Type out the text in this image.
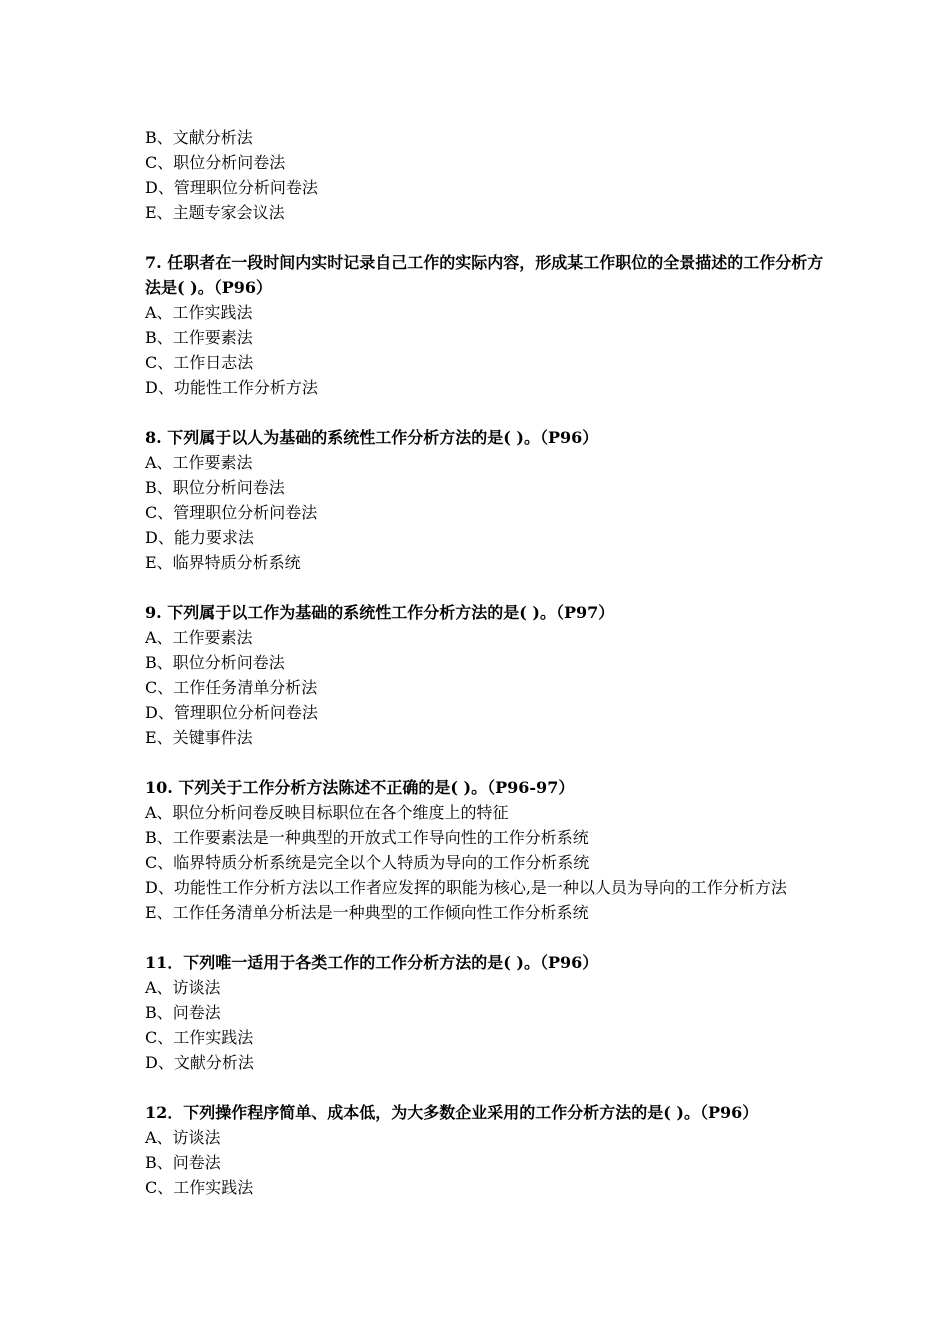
B、文献分析法
C、职位分析问卷法
D、管理职位分析问卷法
E、主题专家会议法
7. 任职者在一段时间内实时记录自己工作的实际内容，形成某工作职位的全景描述的工作分析方法是( )。（P96）
A、工作实践法
B、工作要素法
C、工作日志法
D、功能性工作分析方法
8. 下列属于以人为基础的系统性工作分析方法的是( )。（P96）
A、工作要素法
B、职位分析问卷法
C、管理职位分析问卷法
D、能力要求法
E、临界特质分析系统
9. 下列属于以工作为基础的系统性工作分析方法的是( )。（P97）
A、工作要素法
B、职位分析问卷法
C、工作任务清单分析法
D、管理职位分析问卷法
E、关键事件法
10. 下列关于工作分析方法陈述不正确的是( )。（P96-97）
A、职位分析问卷反映目标职位在各个维度上的特征
B、工作要素法是一种典型的开放式工作导向性的工作分析系统
C、临界特质分析系统是完全以个人特质为导向的工作分析系统
D、功能性工作分析方法以工作者应发挥的职能为核心,是一种以人员为导向的工作分析方法
E、工作任务清单分析法是一种典型的工作倾向性工作分析系统
11．下列唯一适用于各类工作的工作分析方法的是( )。（P96）
A、访谈法
B、问卷法
C、工作实践法
D、文献分析法
12．下列操作程序简单、成本低，为大多数企业采用的工作分析方法的是( )。（P96）
A、访谈法
B、问卷法
C、工作实践法
